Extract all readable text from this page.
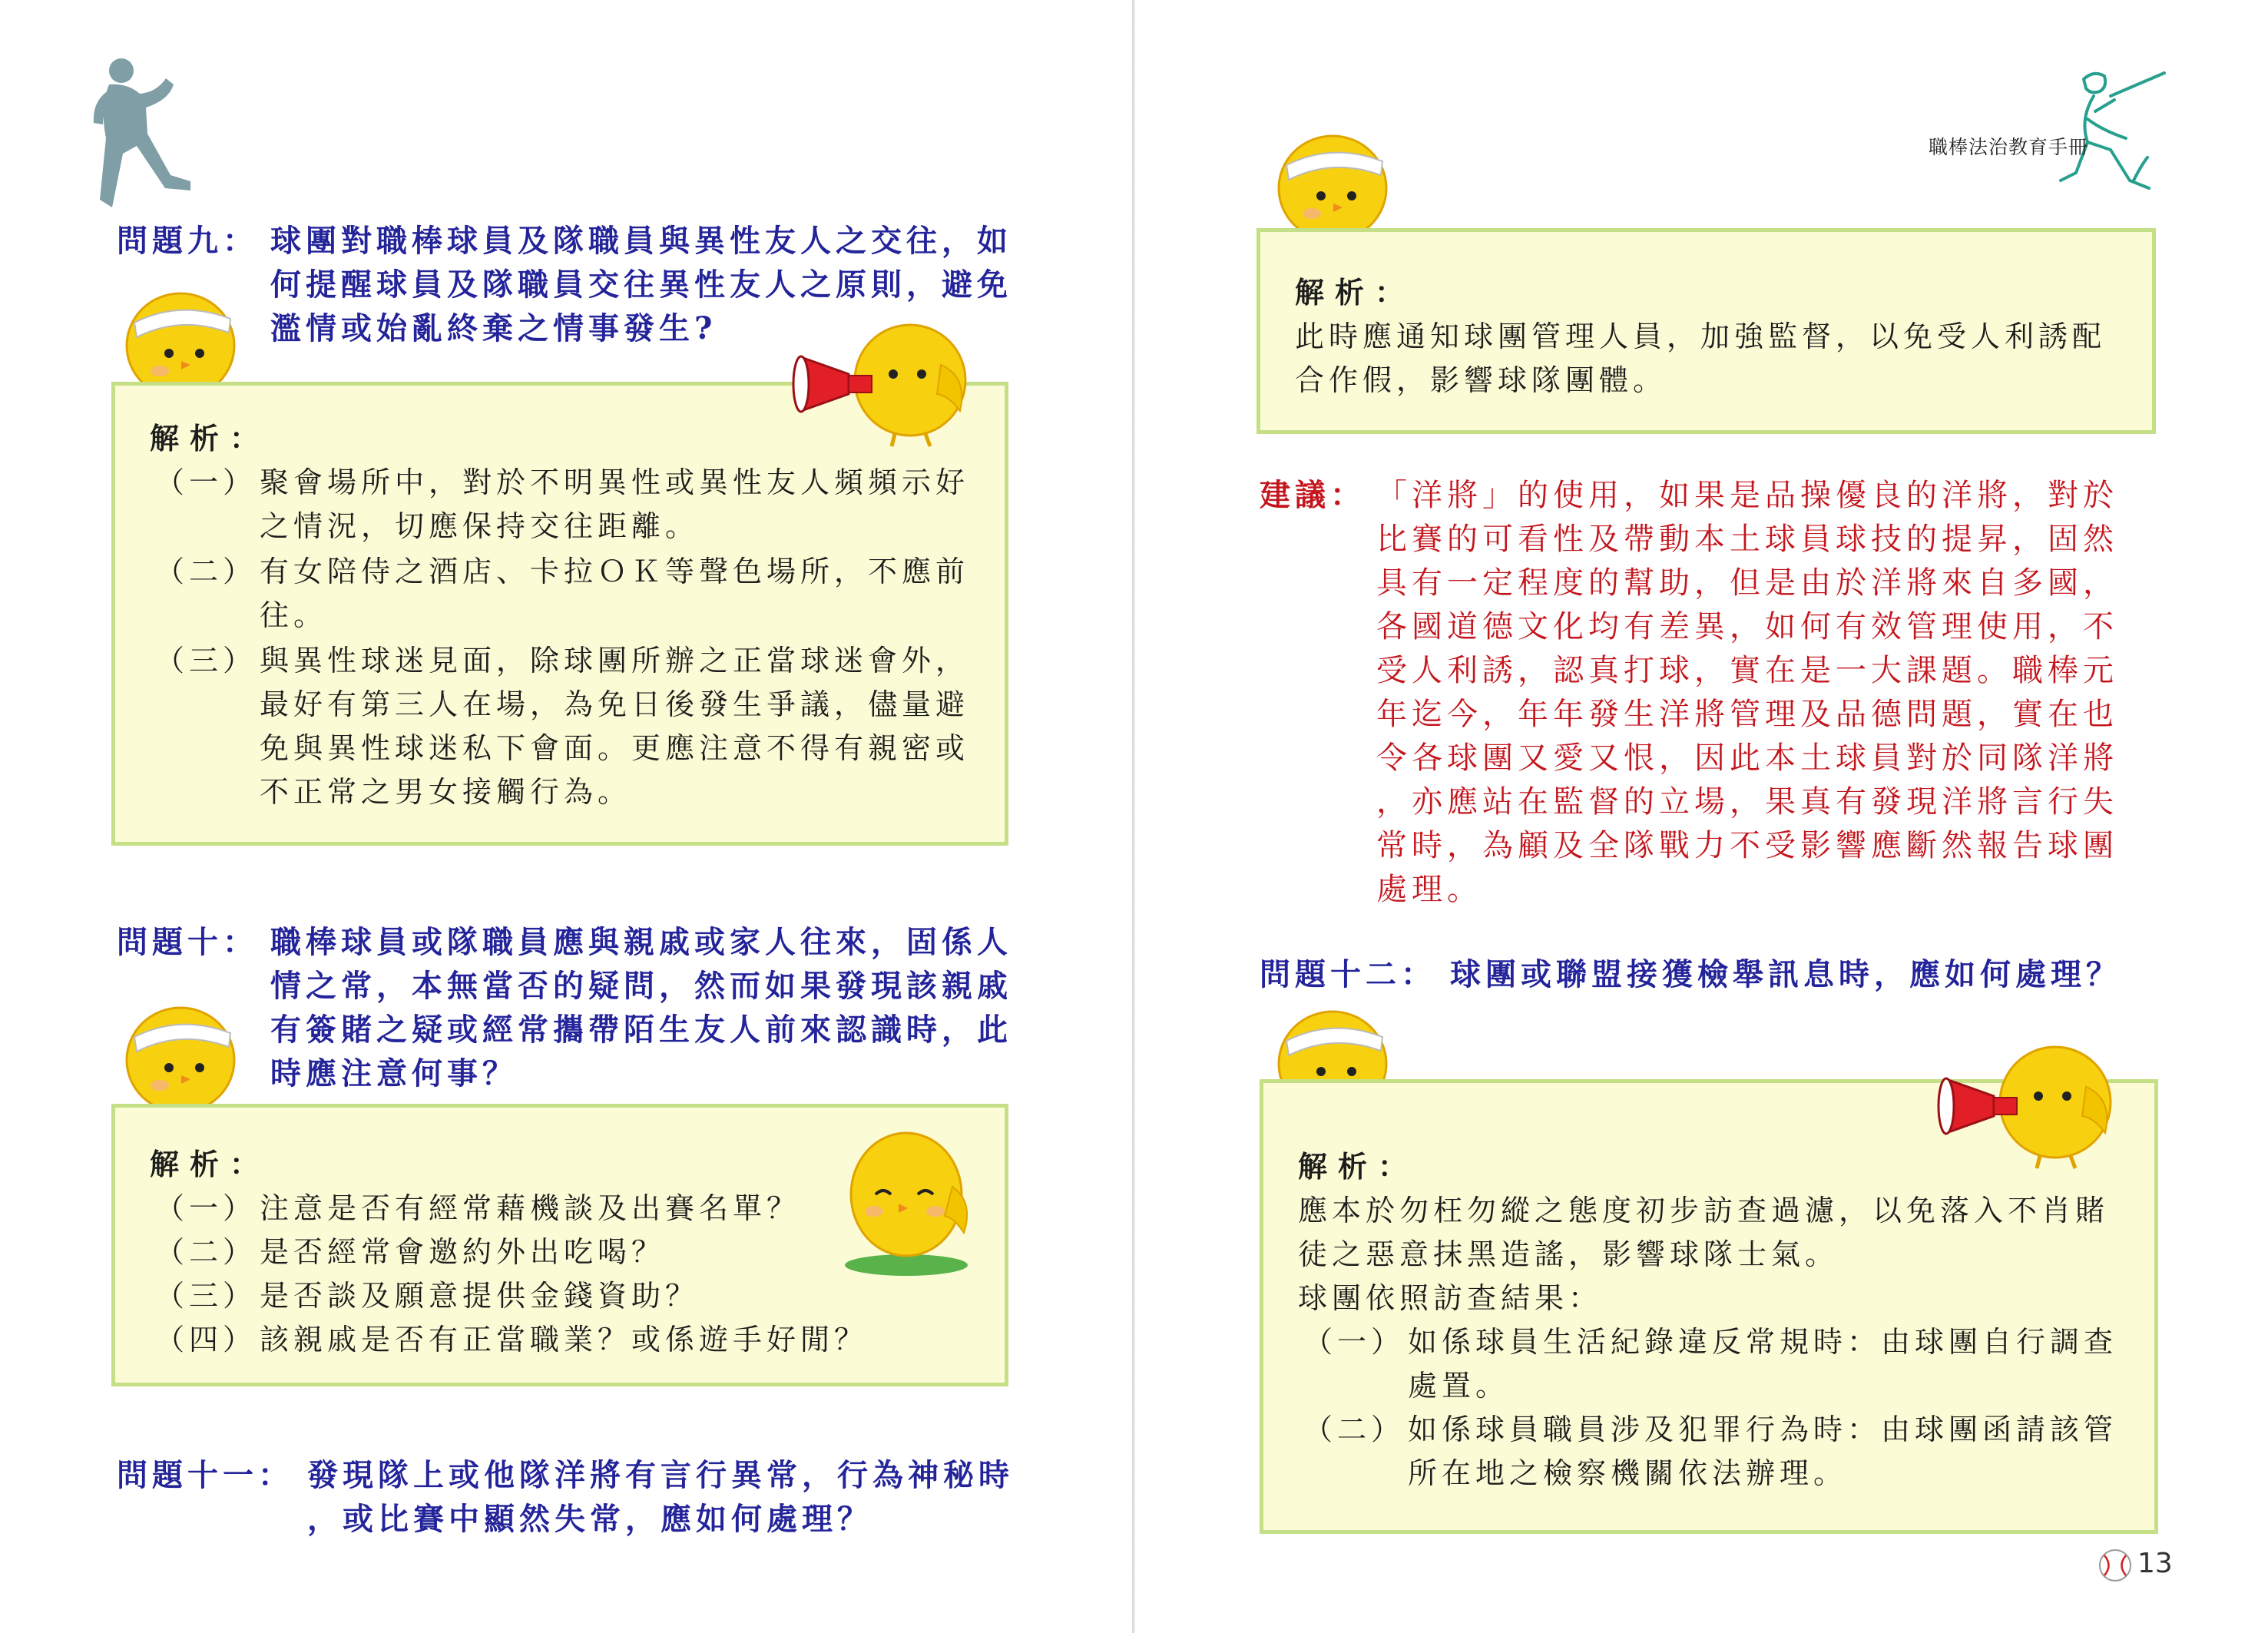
問題九： 球團對職棒球員及隊職員與異性友人之交往，如
何提醒球員及隊職員交往異性友人之原則，避免
濫情或始亂終棄之情事發生?
解析：

（一） 聚會場所中，對於不明異性或異性友人頻頻示好
之情況，切應保持交往距離。

（二） 有女陪侍之酒店、卡拉ＯＫ等聲色場所，不應前
往。

（三） 與異性球迷見面，除球團所辦之正當球迷會外，
最好有第三人在場，為免日後發生爭議，儘量避
免與異性球迷私下會面。更應注意不得有親密或
不正常之男女接觸行為。

問題十： 職棒球員或隊職員應與親戚或家人往來，固係人
情之常，本無當否的疑問，然而如果發現該親戚
有簽賭之疑或經常攜帶陌生友人前來認識時，此
時應注意何事？
解析：

（一） 注意是否有經常藉機談及出賽名單？

（二） 是否經常會邀約外出吃喝？

（三） 是否談及願意提供金錢資助？

（四） 該親戚是否有正當職業？或係遊手好閒？

問題十一： 發現隊上或他隊洋將有言行異常，行為神秘時
，或比賽中顯然失常，應如何處理？
職棒法治教育手冊
解析：
此時應通知球團管理人員，加強監督，以免受人利誘配
合作假，影響球隊團體。
建議： 「洋將」的使用，如果是品操優良的洋將，對於
比賽的可看性及帶動本土球員球技的提昇，固然
具有一定程度的幫助，但是由於洋將來自多國，
各國道德文化均有差異，如何有效管理使用，不
受人利誘，認真打球，實在是一大課題。職棒元
年迄今，年年發生洋將管理及品德問題，實在也
令各球團又愛又恨，因此本土球員對於同隊洋將
，亦應站在監督的立場，果真有發現洋將言行失
常時，為顧及全隊戰力不受影響應斷然報告球團
處理。
問題十二： 球團或聯盟接獲檢舉訊息時，應如何處理？
解析：
應本於勿枉勿縱之態度初步訪查過濾，以免落入不肖賭
徒之惡意抹黑造謠，影響球隊士氣。
球團依照訪查結果：

（一） 如係球員生活紀錄違反常規時：由球團自行調查
處置。

（二） 如係球員職員涉及犯罪行為時：由球團函請該管
所在地之檢察機關依法辦理。

13
